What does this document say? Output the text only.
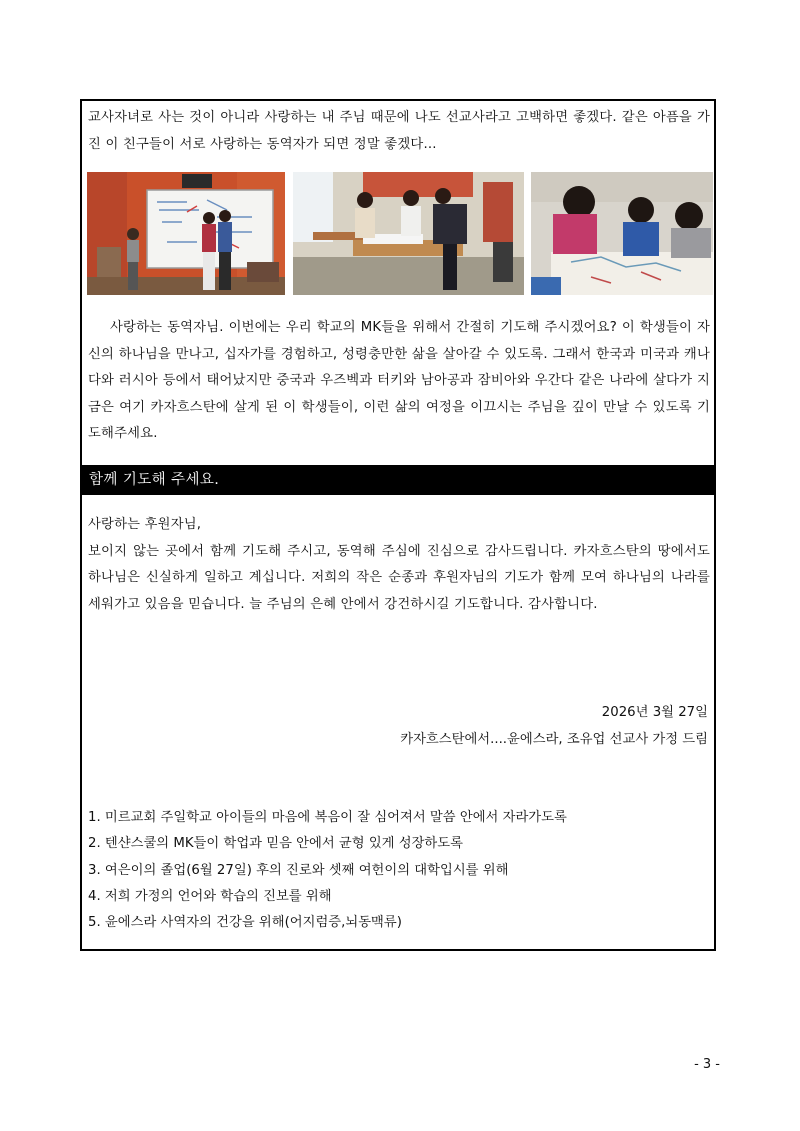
교사자녀로 사는 것이 아니라 사랑하는 내 주님 때문에 나도 선교사라고 고백하면 좋겠다. 같은 아픔을 가진 이 친구들이 서로 사랑하는 동역자가 되면 정말 좋겠다...
사랑하는 동역자님. 이번에는 우리 학교의 MK들을 위해서 간절히 기도해 주시겠어요? 이 학생들이 자신의 하나님을 만나고, 십자가를 경험하고, 성령충만한 삶을 살아갈 수 있도록. 그래서 한국과 미국과 캐나다와 러시아 등에서 태어났지만 중국과 우즈벡과 터키와 남아공과 잠비아와 우간다 같은 나라에 살다가 지금은 여기 카자흐스탄에 살게 된 이 학생들이, 이런 삶의 여정을 이끄시는 주님을 깊이 만날 수 있도록 기도해주세요.
함께 기도해 주세요.
사랑하는 후원자님,
보이지 않는 곳에서 함께 기도해 주시고, 동역해 주심에 진심으로 감사드립니다. 카자흐스탄의 땅에서도 하나님은 신실하게 일하고 계십니다. 저희의 작은 순종과 후원자님의 기도가 함께 모여 하나님의 나라를 세워가고 있음을 믿습니다. 늘 주님의 은혜 안에서 강건하시길 기도합니다. 감사합니다.
2026년 3월 27일
카자흐스탄에서....윤에스라, 조유업 선교사 가정 드림
1. 미르교회 주일학교 아이들의 마음에 복음이 잘 심어져서 말씀 안에서 자라가도록
2. 텐샨스쿨의 MK들이 학업과 믿음 안에서 균형 있게 성장하도록
3. 여은이의 졸업(6월 27일) 후의 진로와 셋째 여헌이의 대학입시를 위해
4. 저희 가정의 언어와 학습의 진보를 위해
5. 윤에스라 사역자의 건강을 위해(어지럼증,뇌동맥류)
- 3 -
